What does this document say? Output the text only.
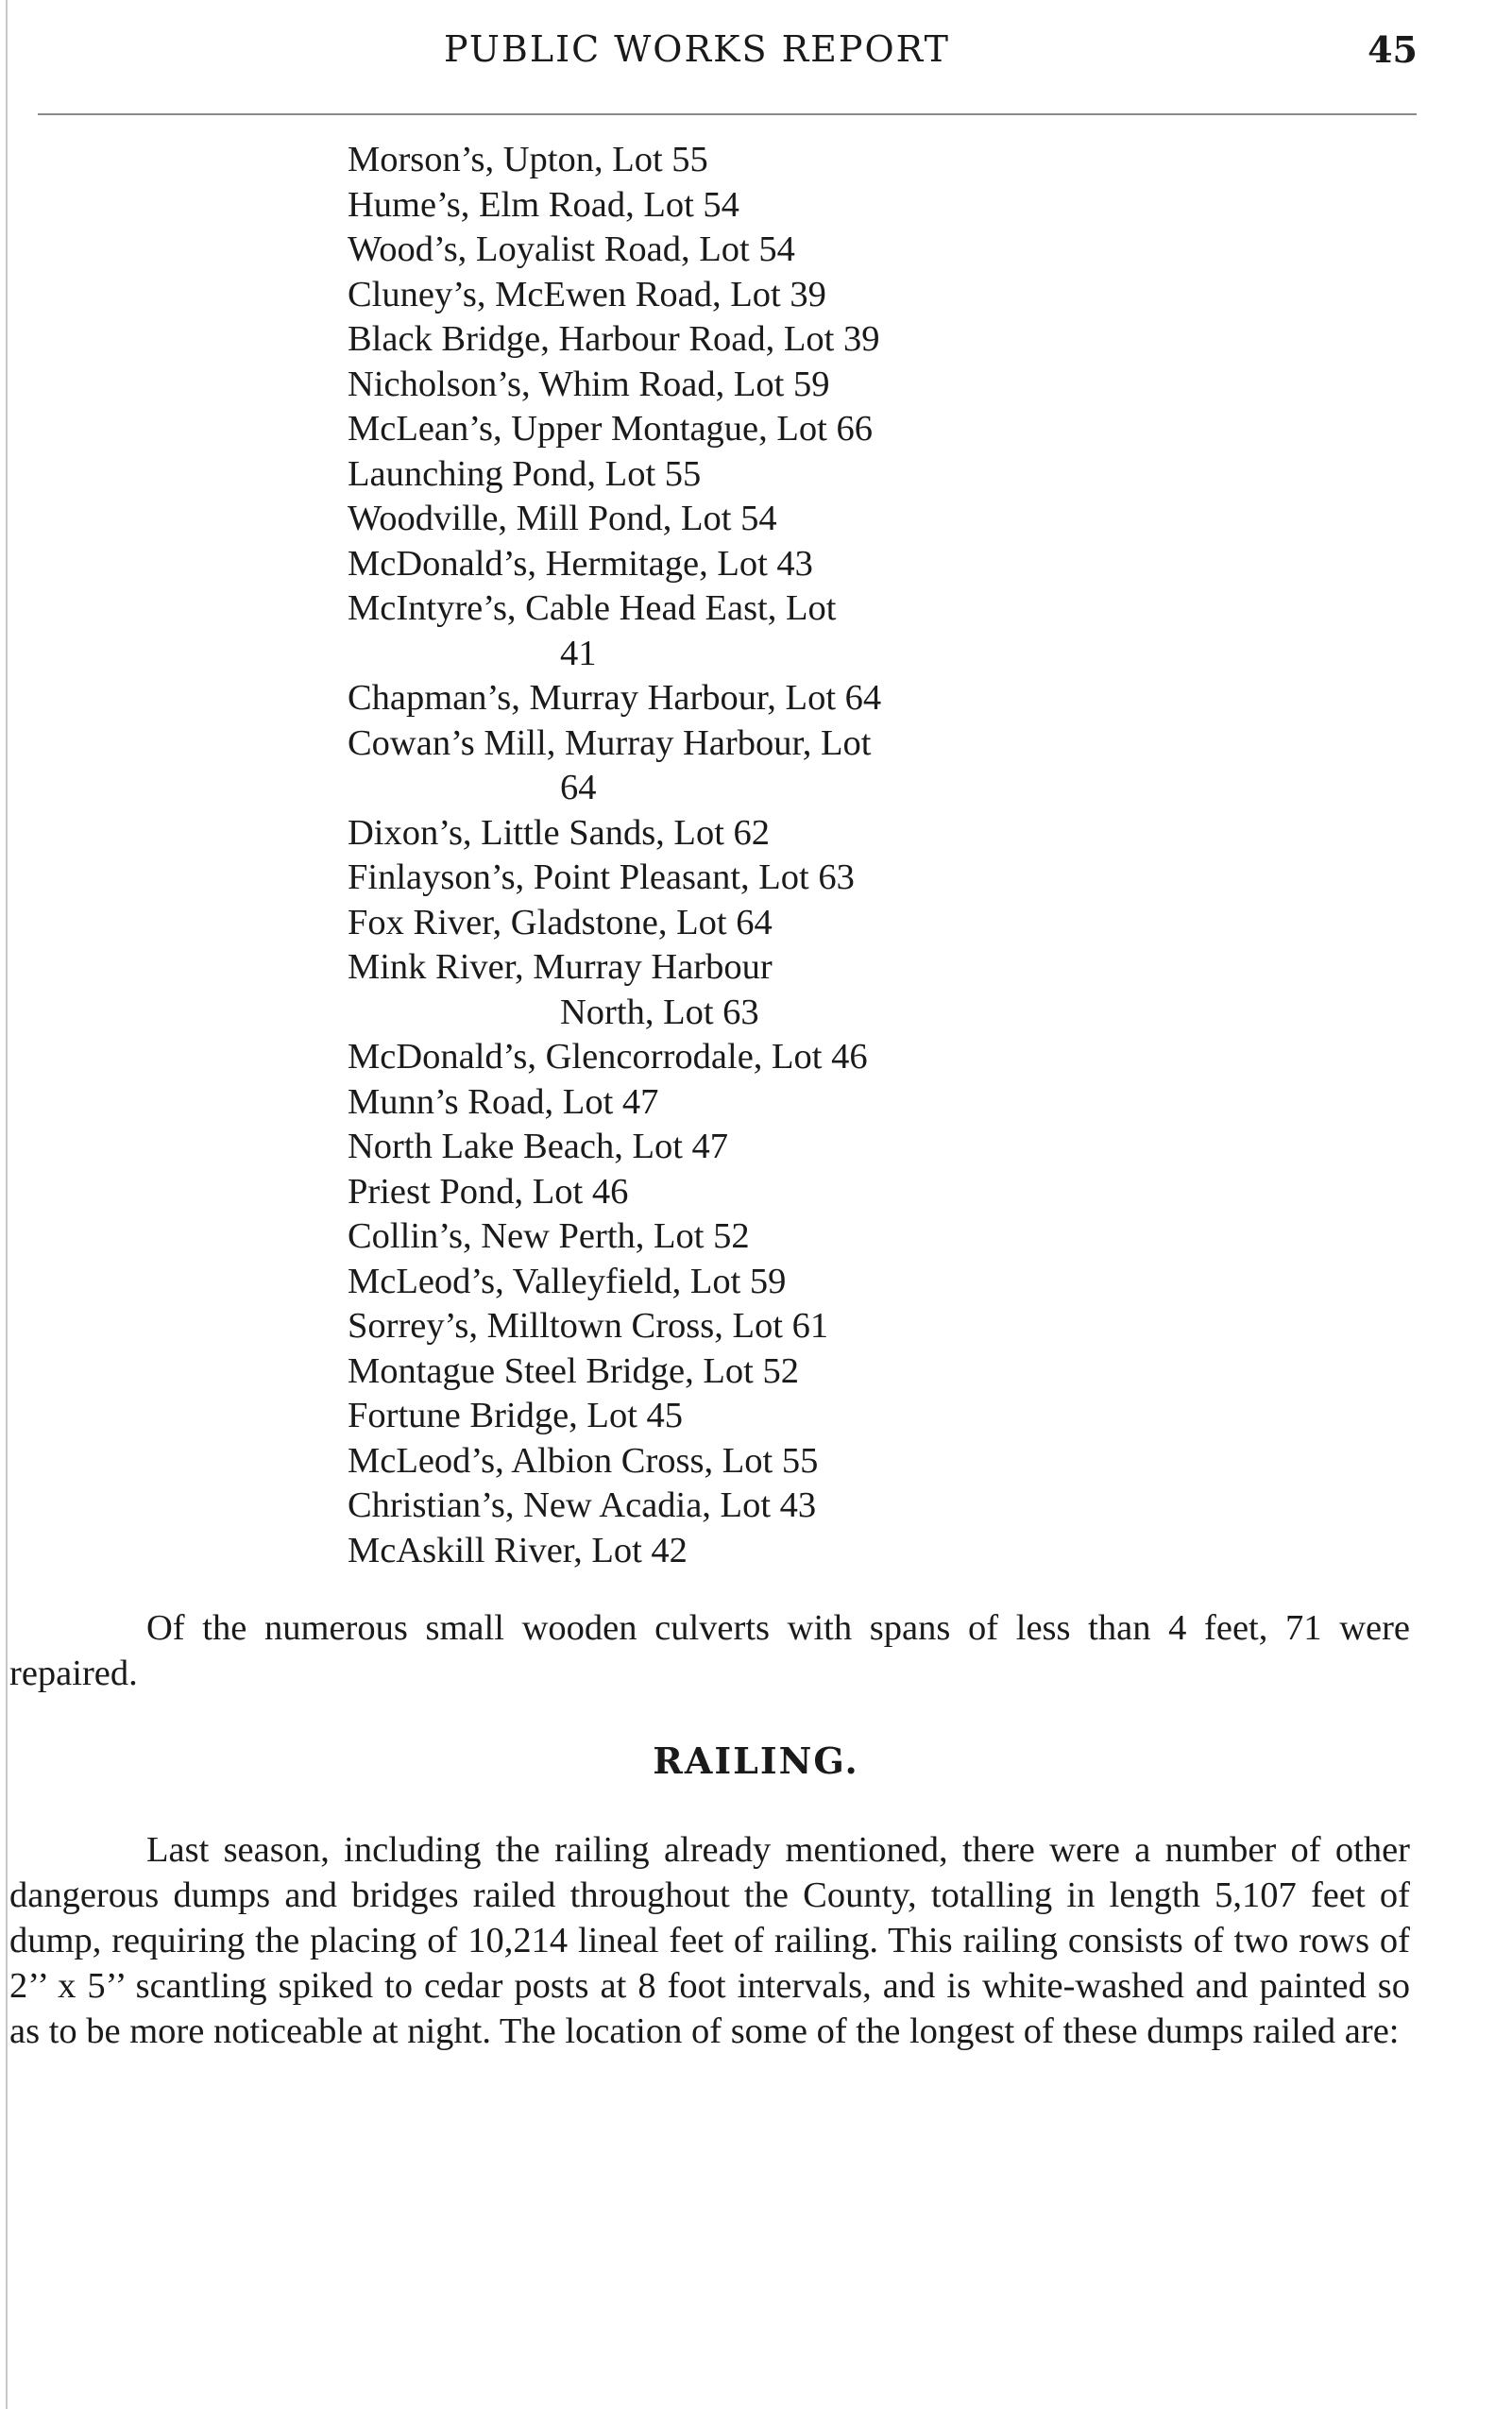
PUBLIC WORKS REPORT	45
Morson’s, Upton, Lot 55
Hume’s, Elm Road, Lot 54
Wood’s, Loyalist Road, Lot 54
Cluney’s, McEwen Road, Lot 39
Black Bridge, Harbour Road, Lot 39
Nicholson’s, Whim Road, Lot 59
McLean’s, Upper Montague, Lot 66
Launching Pond, Lot 55
Woodville, Mill Pond, Lot 54
McDonald’s, Hermitage, Lot 43
McIntyre’s, Cable Head East, Lot
41
Chapman’s, Murray Harbour, Lot 64
Cowan’s Mill, Murray Harbour, Lot
64
Dixon’s, Little Sands, Lot 62
Finlayson’s, Point Pleasant, Lot 63
Fox River, Gladstone, Lot 64
Mink River, Murray Harbour
North, Lot 63
McDonald’s, Glencorrodale, Lot 46
Munn’s Road, Lot 47
North Lake Beach, Lot 47
Priest Pond, Lot 46
Collin’s, New Perth, Lot 52
McLeod’s, Valleyfield, Lot 59
Sorrey’s, Milltown Cross, Lot 61
Montague Steel Bridge, Lot 52
Fortune Bridge, Lot 45
McLeod’s, Albion Cross, Lot 55
Christian’s, New Acadia, Lot 43
McAskill River, Lot 42

Of the numerous small wooden culverts with spans of less than 4 feet, 71 were repaired.

RAILING.

Last season, including the railing already mentioned, there were a number of other dangerous dumps and bridges railed throughout the County, totalling in length 5,107 feet of dump, requiring the placing of 10,214 lineal feet of railing. This railing consists of two rows of 2’’ x 5’’ scantling spiked to cedar posts at 8 foot intervals, and is white-washed and painted so as to be more noticeable at night. The location of some of the longest of these dumps railed are:
